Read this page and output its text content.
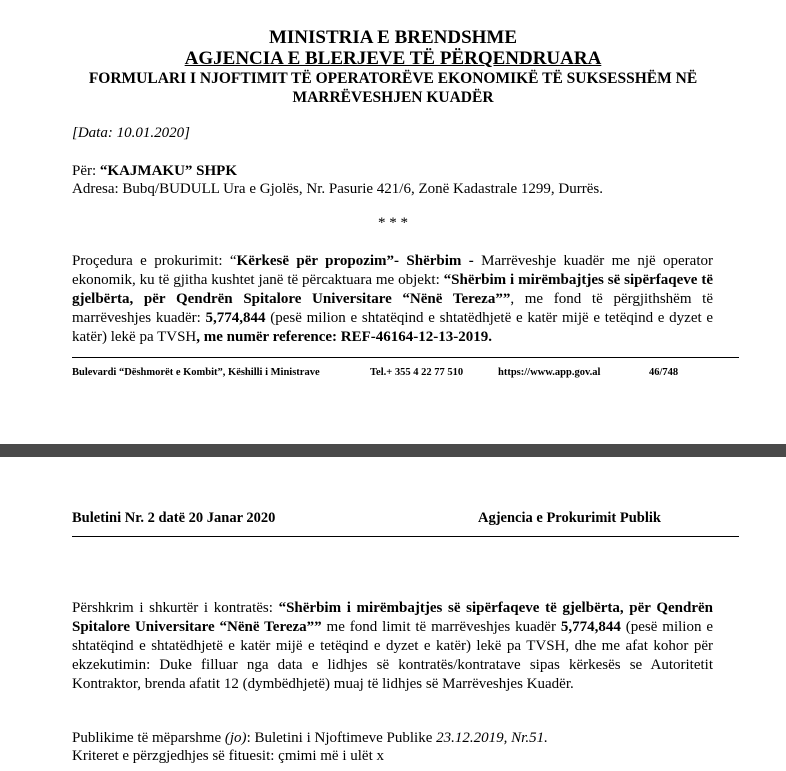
MINISTRIA E BRENDSHME
AGJENCIA E BLERJEVE TË PËRQENDRUARA
FORMULARI I NJOFTIMIT TË OPERATORËVE EKONOMIKË TË SUKSESSHËM NË
MARRËVESHJEN KUADËR
[Data: 10.01.2020]
Për: “KAJMAKU” SHPK
Adresa: Bubq/BUDULL Ura e Gjolës, Nr. Pasurie 421/6, Zonë Kadastrale 1299, Durrës.
* * *
Proçedura e prokurimit: “Kërkesë për propozim”- Shërbim - Marrëveshje kuadër me një operator ekonomik, ku të gjitha kushtet janë të përcaktuara me objekt: “Shërbim i mirëmbajtjes së sipërfaqeve të gjelbërta, për Qendrën Spitalore Universitare “Nënë Tereza””, me fond të përgjithshëm të marrëveshjes kuadër: 5,774,844 (pesë milion e shtatëqind e shtatëdhjetë e katër mijë e tetëqind e dyzet e katër) lekë pa TVSH, me numër reference: REF-46164-12-13-2019.
Bulevardi “Dëshmorët e Kombit”, Këshilli i Ministrave	Tel.+ 355 4 22 77 510	https://www.app.gov.al	46/748
Buletini Nr. 2 datë 20 Janar 2020	Agjencia e Prokurimit Publik
Përshkrim i shkurtër i kontratës: “Shërbim i mirëmbajtjes së sipërfaqeve të gjelbërta, për Qendrën Spitalore Universitare “Nënë Tereza”” me fond limit të marrëveshjes kuadër 5,774,844 (pesë milion e shtatëqind e shtatëdhjetë e katër mijë e tetëqind e dyzet e katër) lekë pa TVSH, dhe me afat kohor për ekzekutimin: Duke filluar nga data e lidhjes së kontratës/kontratave sipas kërkesës se Autoritetit Kontraktor, brenda afatit 12 (dymbëdhjetë) muaj të lidhjes së Marrëveshjes Kuadër.
Publikime të mëparshme (jo): Buletini i Njoftimeve Publike 23.12.2019, Nr.51.
Kriteret e përzgjedhjes së fituesit: çmimi më i ulët x
